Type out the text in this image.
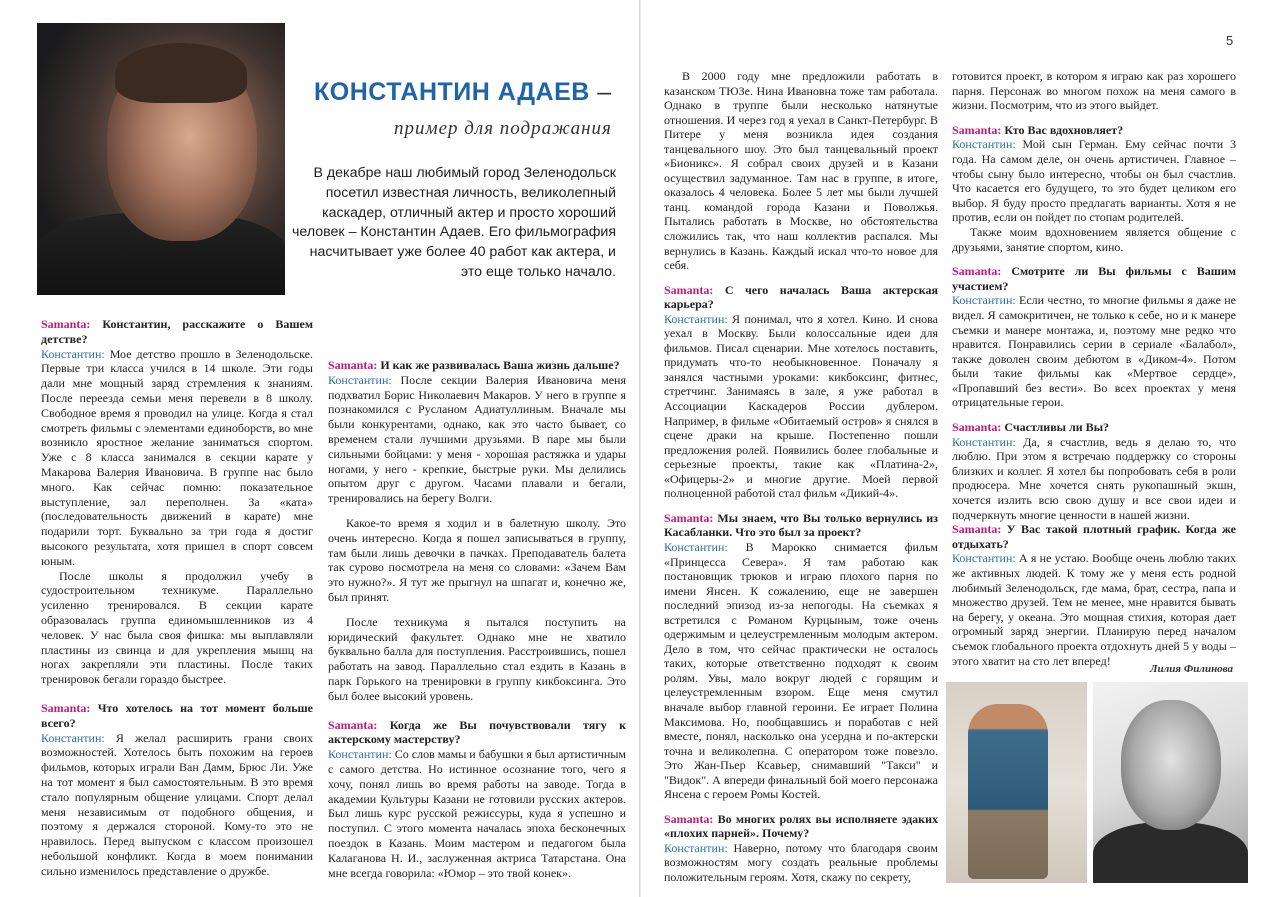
5
КОНСТАНТИН АДАЕВ –
пример для подражания
В декабре наш любимый город Зеленодольск посетил известная личность, великолепный каскадер, отличный актер и просто хороший человек – Константин Адаев. Его фильмография насчитывает уже более 40 работ как актера, и это еще только начало.

Samanta: Константин, расскажите о Вашем детстве?

Константин: Мое детство прошло в Зеленодольске. Первые три класса учился в 14 школе. Эти годы дали мне мощный заряд стремления к знаниям. После переезда семьи меня перевели в 8 школу. Свободное время я проводил на улице. Когда я стал смотреть фильмы с элементами единоборств, во мне возникло яростное желание заниматься спортом. Уже с 8 класса занимался в секции карате у Макарова Валерия Ивановича. В группе нас было много. Как сейчас помню: показательное выступление, зал переполнен. За «ката» (последовательность движений в карате) мне подарили торт. Буквально за три года я достиг высокого результата, хотя пришел в спорт совсем юным.

После школы я продолжил учебу в судостроительном техникуме. Параллельно усиленно тренировался. В секции карате образовалась группа единомышленников из 4 человек. У нас была своя фишка: мы выплавляли пластины из свинца и для укрепления мышц на ногах закрепляли эти пластины. После таких тренировок бегали гораздо быстрее.

Samanta: Что хотелось на тот момент больше всего?

Константин: Я желал расширить грани своих возможностей. Хотелось быть похожим на героев фильмов, которых играли Ван Дамм, Брюс Ли. Уже на тот момент я был самостоятельным. В это время стало популярным общение улицами. Спорт делал меня независимым от подобного общения, и поэтому я держался стороной. Кому-то это не нравилось. Перед выпуском с классом произошел небольшой конфликт. Когда в моем понимании сильно изменилось представление о дружбе.

Samanta: И как же развивалась Ваша жизнь дальше?

Константин: После секции Валерия Ивановича меня подхватил Борис Николаевич Макаров. У него в группе я познакомился с Русланом Адиатуллиным. Вначале мы были конкурентами, однако, как это часто бывает, со временем стали лучшими друзьями. В паре мы были сильными бойцами: у меня - хорошая растяжка и удары ногами, у него - крепкие, быстрые руки. Мы делились опытом друг с другом. Часами плавали и бегали, тренировались на берегу Волги.

Какое-то время я ходил и в балетную школу. Это очень интересно. Когда я пошел записываться в группу, там были лишь девочки в пачках. Преподаватель балета так сурово посмотрела на меня со словами: «Зачем Вам это нужно?». Я тут же прыгнул на шпагат и, конечно же, был принят.

После техникума я пытался поступить на юридический факультет. Однако мне не хватило буквально балла для поступления. Расстроившись, пошел работать на завод. Параллельно стал ездить в Казань в парк Горького на тренировки в группу кикбоксинга. Это был более высокий уровень.

Samanta: Когда же Вы почувствовали тягу к актерскому мастерству?

Константин: Со слов мамы и бабушки я был артистичным с самого детства. Но истинное осознание того, чего я хочу, понял лишь во время работы на заводе. Тогда в академии Культуры Казани не готовили русских актеров. Был лишь курс русской режиссуры, куда я успешно и поступил. С этого момента началась эпоха бесконечных поездок в Казань. Моим мастером и педагогом была Калаганова Н. И., заслуженная актриса Татарстана. Она мне всегда говорила: «Юмор – это твой конек».

В 2000 году мне предложили работать в казанском ТЮЗе. Нина Ивановна тоже там работала. Однако в труппе были несколько натянутые отношения. И через год я уехал в Санкт-Петербург. В Питере у меня возникла идея создания танцевального шоу. Это был танцевальный проект «Бионикс». Я собрал своих друзей и в Казани осуществил задуманное. Там нас в группе, в итоге, оказалось 4 человека. Более 5 лет мы были лучшей танц. командой города Казани и Поволжья. Пытались работать в Москве, но обстоятельства сложились так, что наш коллектив распался. Мы вернулись в Казань. Каждый искал что-то новое для себя.

Samanta: С чего началась Ваша актерская карьера?

Константин: Я понимал, что я хотел. Кино. И снова уехал в Москву. Были колоссальные идеи для фильмов. Писал сценарии. Мне хотелось поставить, придумать что-то необыкновенное. Поначалу я занялся частными уроками: кикбоксинг, фитнес, стретчинг. Занимаясь в зале, я уже работал в Ассоциации Каскадеров России дублером. Например, в фильме «Обитаемый остров» я снялся в сцене драки на крыше. Постепенно пошли предложения ролей. Появились более глобальные и серьезные проекты, такие как «Платина-2», «Офицеры-2» и многие другие. Моей первой полноценной работой стал фильм «Дикий-4».

Samanta: Мы знаем, что Вы только вернулись из Касабланки. Что это был за проект?

Константин: В Марокко снимается фильм «Принцесса Севера». Я там работаю как постановщик трюков и играю плохого парня по имени Янсен. К сожалению, еще не завершен последний эпизод из-за непогоды. На съемках я встретился с Романом Курцыным, тоже очень одержимым и целеустремленным молодым актером. Дело в том, что сейчас практически не осталось таких, которые ответственно подходят к своим ролям. Увы, мало вокруг людей с горящим и целеустремленным взором. Еще меня смутил вначале выбор главной героини. Ее играет Полина Максимова. Но, пообщавшись и поработав с ней вместе, понял, насколько она усердна и по-актерски точна и великолепна. С оператором тоже повезло. Это Жан-Пьер Ксавьер, снимавший "Такси" и "Видок". А впереди финальный бой моего персонажа Янсена с героем Ромы Костей.

Samanta: Во многих ролях вы исполняете эдаких «плохих парней». Почему?

Константин: Наверно, потому что благодаря своим возможностям могу создать реальные проблемы положительным героям. Хотя, скажу по секрету,

готовится проект, в котором я играю как раз хорошего парня. Персонаж во многом похож на меня самого в жизни. Посмотрим, что из этого выйдет.

Samanta: Кто Вас вдохновляет?

Константин: Мой сын Герман. Ему сейчас почти 3 года. На самом деле, он очень артистичен. Главное – чтобы сыну было интересно, чтобы он был счастлив. Что касается его будущего, то это будет целиком его выбор. Я буду просто предлагать варианты. Хотя я не против, если он пойдет по стопам родителей.

Также моим вдохновением является общение с друзьями, занятие спортом, кино.

Samanta: Смотрите ли Вы фильмы с Вашим участием?

Константин: Если честно, то многие фильмы я даже не видел. Я самокритичен, не только к себе, но и к манере съемки и манере монтажа, и, поэтому мне редко что нравится. Понравились серии в сериале «Балабол», также доволен своим дебютом в «Диком-4». Потом были такие фильмы как «Мертвое сердце», «Пропавший без вести». Во всех проектах у меня отрицательные герои.

Samanta: Счастливы ли Вы?

Константин: Да, я счастлив, ведь я делаю то, что люблю. При этом я встречаю поддержку со стороны близких и коллег. Я хотел бы попробовать себя в роли продюсера. Мне хочется снять рукопашный экшн, хочется излить всю свою душу и все свои идеи и подчеркнуть многие ценности в нашей жизни.

Samanta: У Вас такой плотный график. Когда же отдыхать?

Константин: А я не устаю. Вообще очень люблю таких же активных людей. К тому же у меня есть родной любимый Зеленодольск, где мама, брат, сестра, папа и множество друзей. Тем не менее, мне нравится бывать на берегу, у океана. Это мощная стихия, которая дает огромный заряд энергии. Планирую перед началом съемок глобального проекта отдохнуть дней 5 у воды – этого хватит на сто лет вперед!

Лилия Филинова
